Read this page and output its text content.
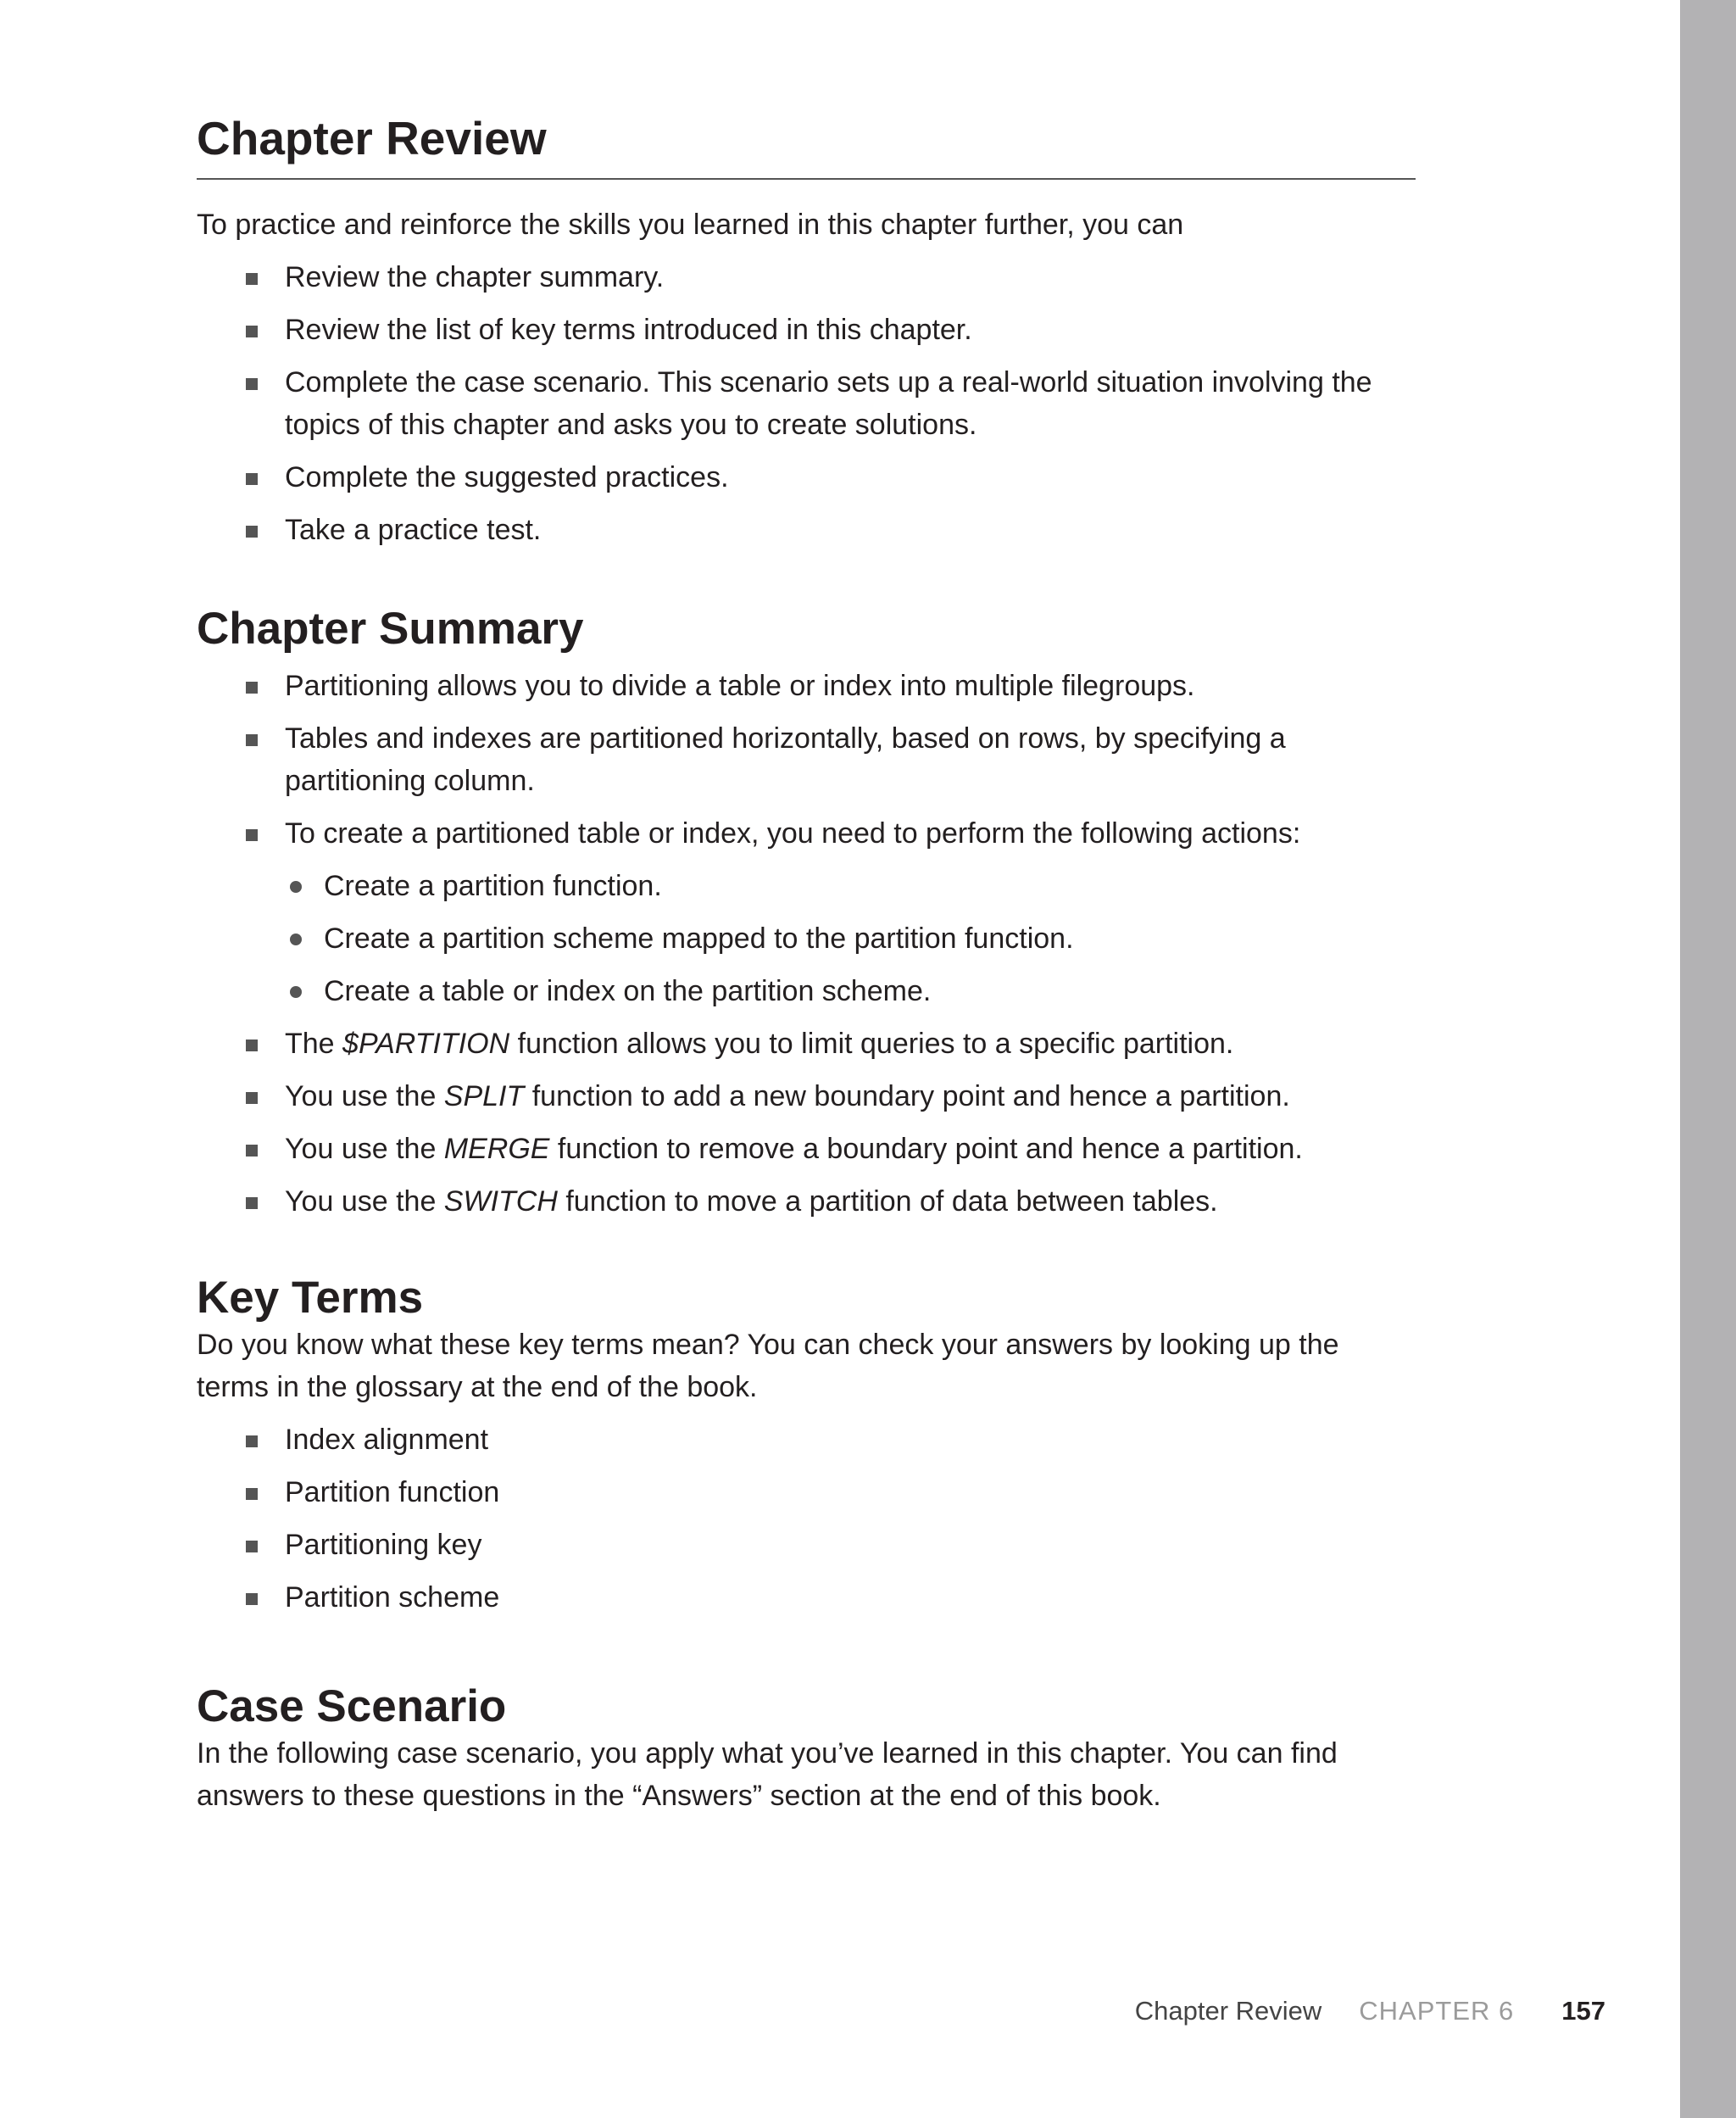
Chapter Review

To practice and reinforce the skills you learned in this chapter further, you can

Review the chapter summary.
Review the list of key terms introduced in this chapter.
Complete the case scenario. This scenario sets up a real-world situation involving the topics of this chapter and asks you to create solutions.
Complete the suggested practices.
Take a practice test.
Chapter Summary
Partitioning allows you to divide a table or index into multiple filegroups.
Tables and indexes are partitioned horizontally, based on rows, by specifying a partitioning column.
To create a partitioned table or index, you need to perform the following actions:
Create a partition function.
Create a partition scheme mapped to the partition function.
Create a table or index on the partition scheme.
The $PARTITION function allows you to limit queries to a specific partition.
You use the SPLIT function to add a new boundary point and hence a partition.
You use the MERGE function to remove a boundary point and hence a partition.
You use the SWITCH function to move a partition of data between tables.
Key Terms

Do you know what these key terms mean? You can check your answers by looking up the terms in the glossary at the end of the book.

Index alignment
Partition function
Partitioning key
Partition scheme
Case Scenario

In the following case scenario, you apply what you’ve learned in this chapter. You can find answers to these questions in the “Answers” section at the end of this book.

Chapter Review CHAPTER 6 157
